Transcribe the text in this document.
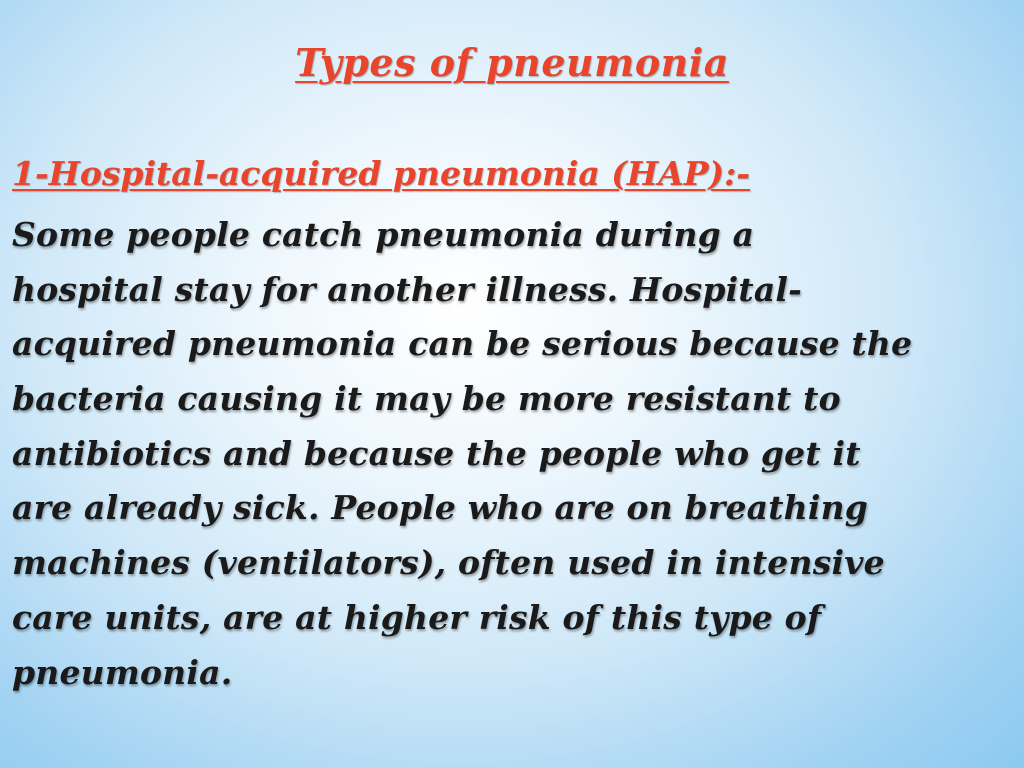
Types of pneumonia
1-Hospital-acquired pneumonia (HAP):-
Some people catch pneumonia during a
hospital stay for another illness. Hospital-
acquired pneumonia can be serious because the
bacteria causing it may be more resistant to
antibiotics and because the people who get it
are already sick. People who are on breathing
machines (ventilators), often used in intensive
care units, are at higher risk of this type of
pneumonia.
